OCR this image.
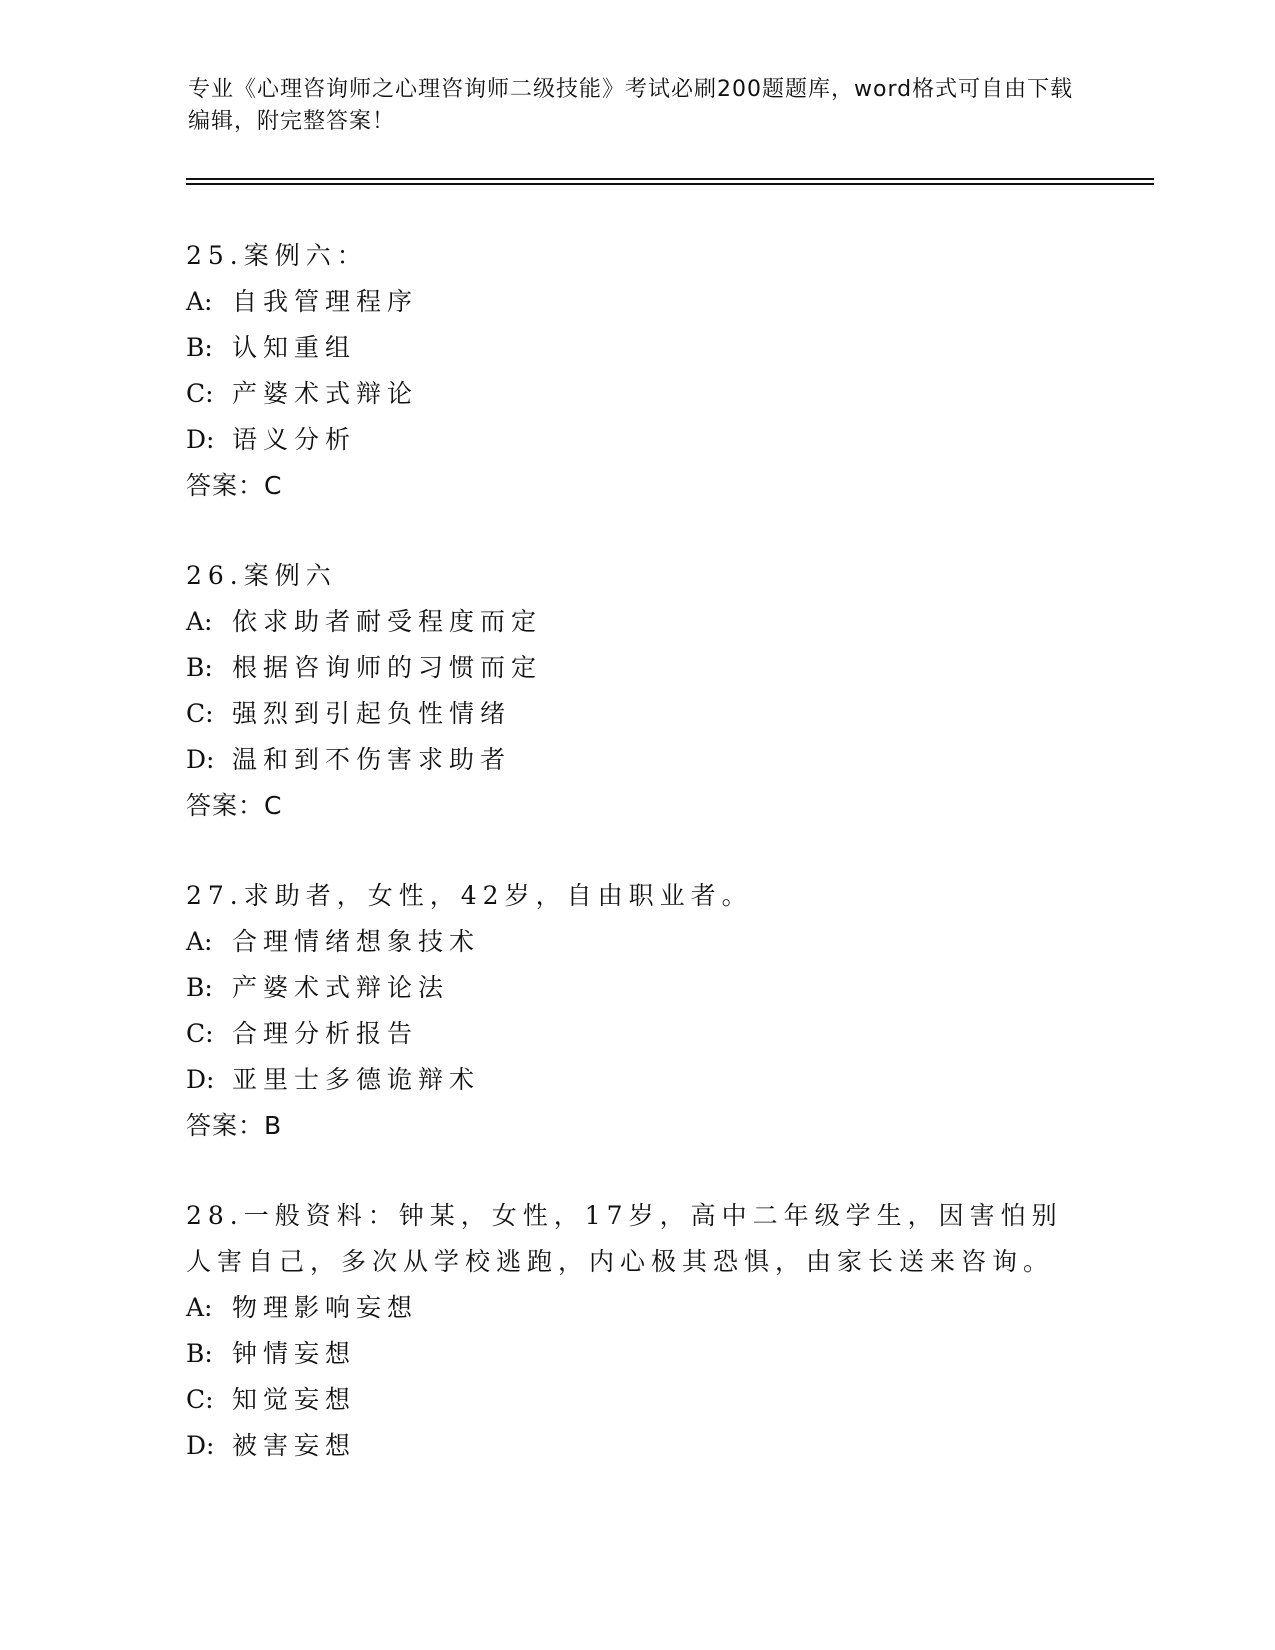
专业《心理咨询师之心理咨询师二级技能》考试必刷200题题库，word格式可自由下载编辑，附完整答案！

25.案例六：

A: 自我管理程序

B: 认知重组

C: 产婆术式辩论

D: 语义分析

答案：C

26.案例六

A: 依求助者耐受程度而定

B: 根据咨询师的习惯而定

C: 强烈到引起负性情绪

D: 温和到不伤害求助者

答案：C

27.求助者，女性，42岁，自由职业者。

A: 合理情绪想象技术

B: 产婆术式辩论法

C: 合理分析报告

D: 亚里士多德诡辩术

答案：B

28.一般资料：钟某，女性，17岁，高中二年级学生，因害怕别人害自己，多次从学校逃跑，内心极其恐惧，由家长送来咨询。

A: 物理影响妄想

B: 钟情妄想

C: 知觉妄想

D: 被害妄想
